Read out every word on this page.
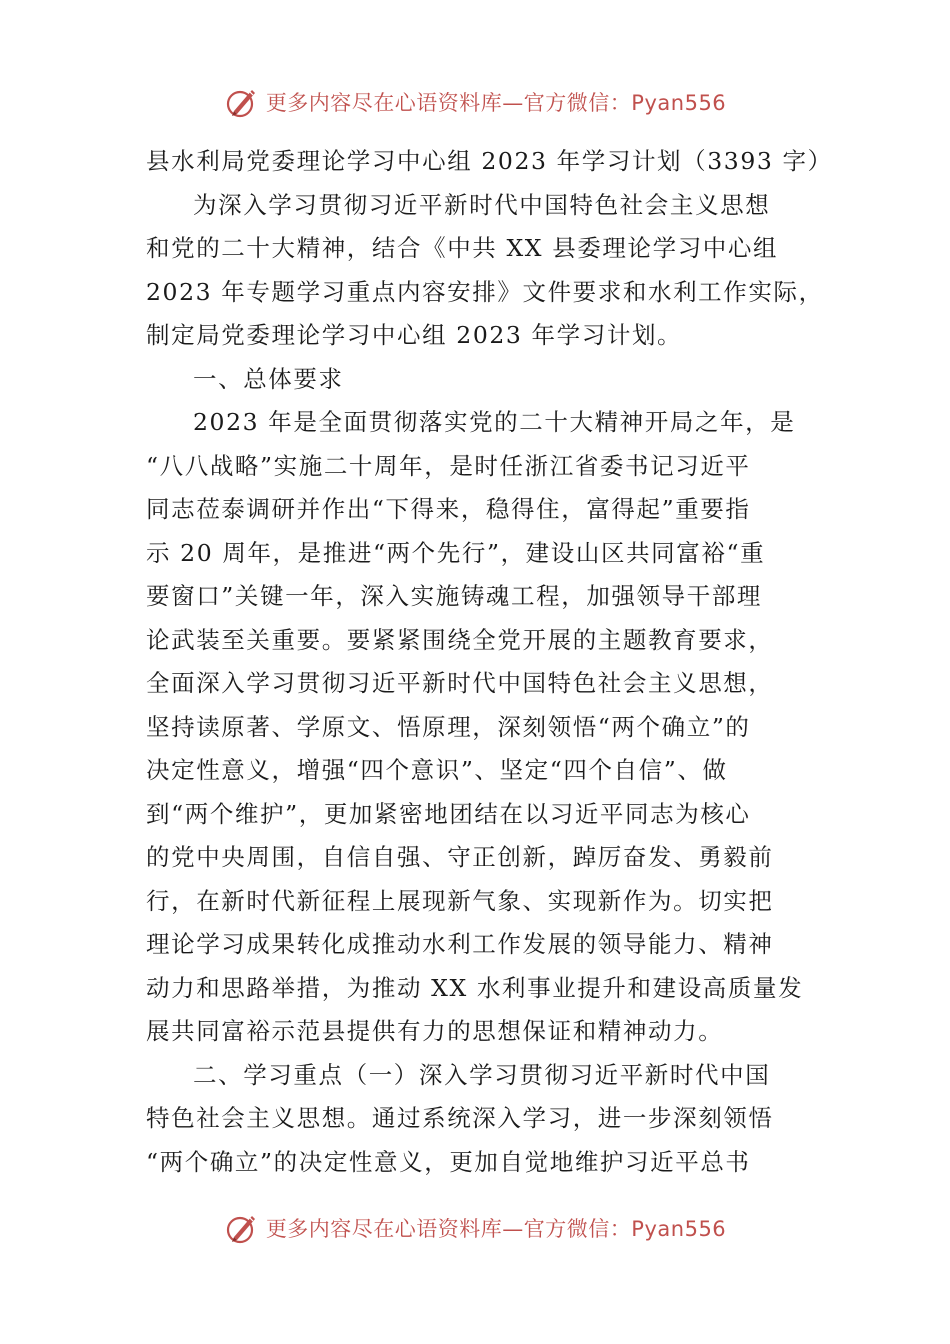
更多内容尽在心语资料库—官方微信：Pyan556
县水利局党委理论学习中心组 2023 年学习计划（3393 字）

为深入学习贯彻习近平新时代中国特色社会主义思想
和党的二十大精神，结合《中共 XX 县委理论学习中心组
2023 年专题学习重点内容安排》文件要求和水利工作实际，
制定局党委理论学习中心组 2023 年学习计划。

一、总体要求

2023 年是全面贯彻落实党的二十大精神开局之年，是
“八八战略”实施二十周年，是时任浙江省委书记习近平
同志莅泰调研并作出“下得来，稳得住，富得起”重要指
示 20 周年，是推进“两个先行”，建设山区共同富裕“重
要窗口”关键一年，深入实施铸魂工程，加强领导干部理
论武装至关重要。要紧紧围绕全党开展的主题教育要求，
全面深入学习贯彻习近平新时代中国特色社会主义思想，
坚持读原著、学原文、悟原理，深刻领悟“两个确立”的
决定性意义，增强“四个意识”、坚定“四个自信”、做
到“两个维护”，更加紧密地团结在以习近平同志为核心
的党中央周围，自信自强、守正创新，踔厉奋发、勇毅前
行，在新时代新征程上展现新气象、实现新作为。切实把
理论学习成果转化成推动水利工作发展的领导能力、精神
动力和思路举措，为推动 XX 水利事业提升和建设高质量发
展共同富裕示范县提供有力的思想保证和精神动力。

二、学习重点（一）深入学习贯彻习近平新时代中国
特色社会主义思想。通过系统深入学习，进一步深刻领悟
“两个确立”的决定性意义，更加自觉地维护习近平总书

更多内容尽在心语资料库—官方微信：Pyan556
